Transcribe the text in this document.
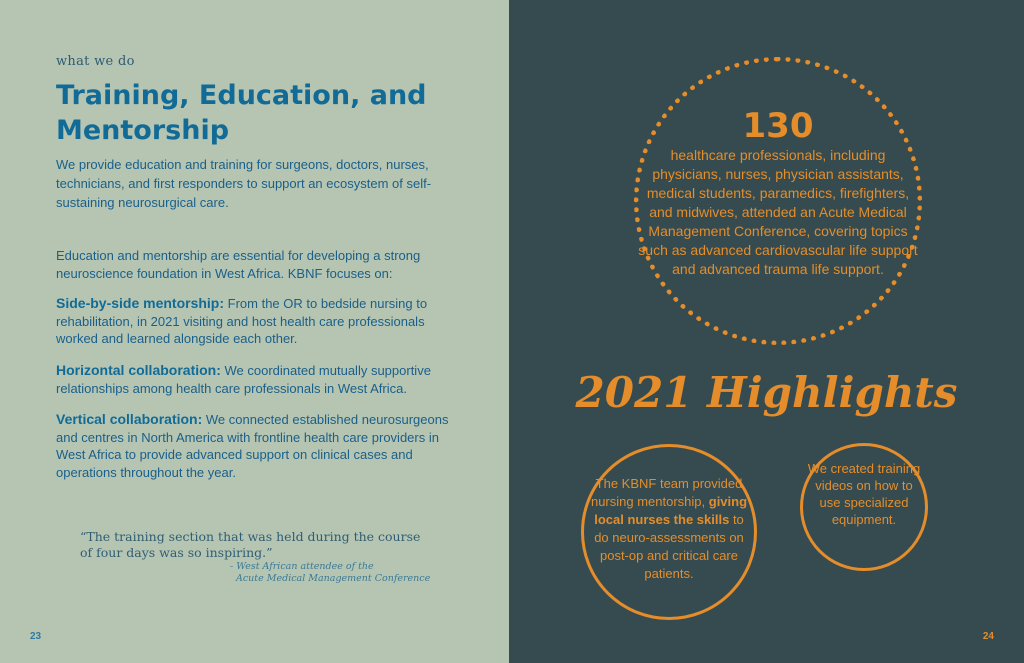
what we do
Training, Education, and Mentorship

We provide education and training for surgeons, doctors, nurses, technicians, and first responders to support an ecosystem of self-sustaining neurosurgical care.

Education and mentorship are essential for developing a strong neuroscience foundation in West Africa. KBNF focuses on:

Side-by-side mentorship: From the OR to bedside nursing to rehabilitation, in 2021 visiting and host health care professionals worked and learned alongside each other.

Horizontal collaboration: We coordinated mutually supportive relationships among health care professionals in West Africa.

Vertical collaboration: We connected established neurosurgeons and centres in North America with frontline health care providers in West Africa to provide advanced support on clinical cases and operations throughout the year.

“The training section that was held during the course of four days was so inspiring.”

- West African attendee of the
Acute Medical Management Conference
23
130

healthcare professionals, including physicians, nurses, physician assistants, medical students, paramedics, firefighters, and midwives, attended an Acute Medical Management Conference, covering topics such as advanced cardiovascular life support and advanced trauma life support.

2021 Highlights

The KBNF team provided nursing mentorship, giving local nurses the skills to do neuro-assessments on post-op and critical care patients.

We created training videos on how to use specialized equipment.

24
